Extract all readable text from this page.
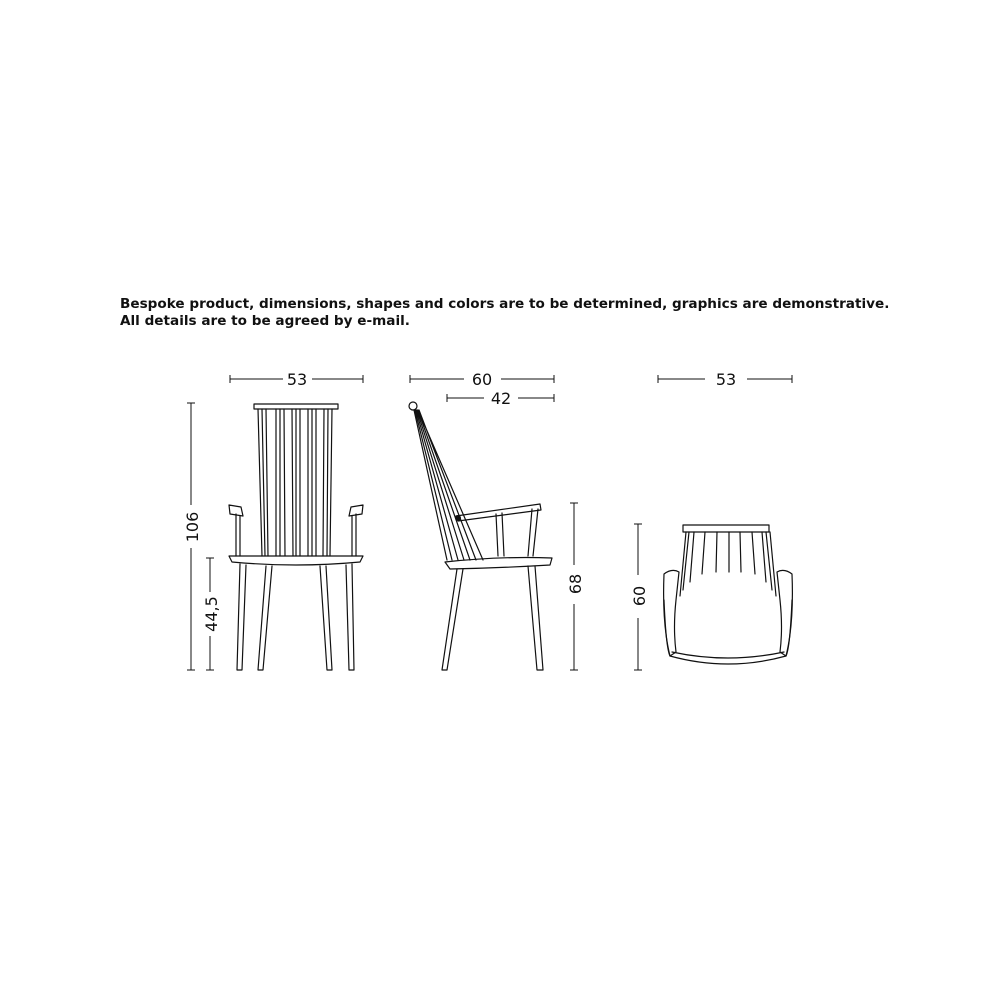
Bespoke product, dimensions, shapes and colors are to be determined, graphics are demonstrative. All details are to be agreed by e-mail.

53
106
44,5
60
42
68
53
60
